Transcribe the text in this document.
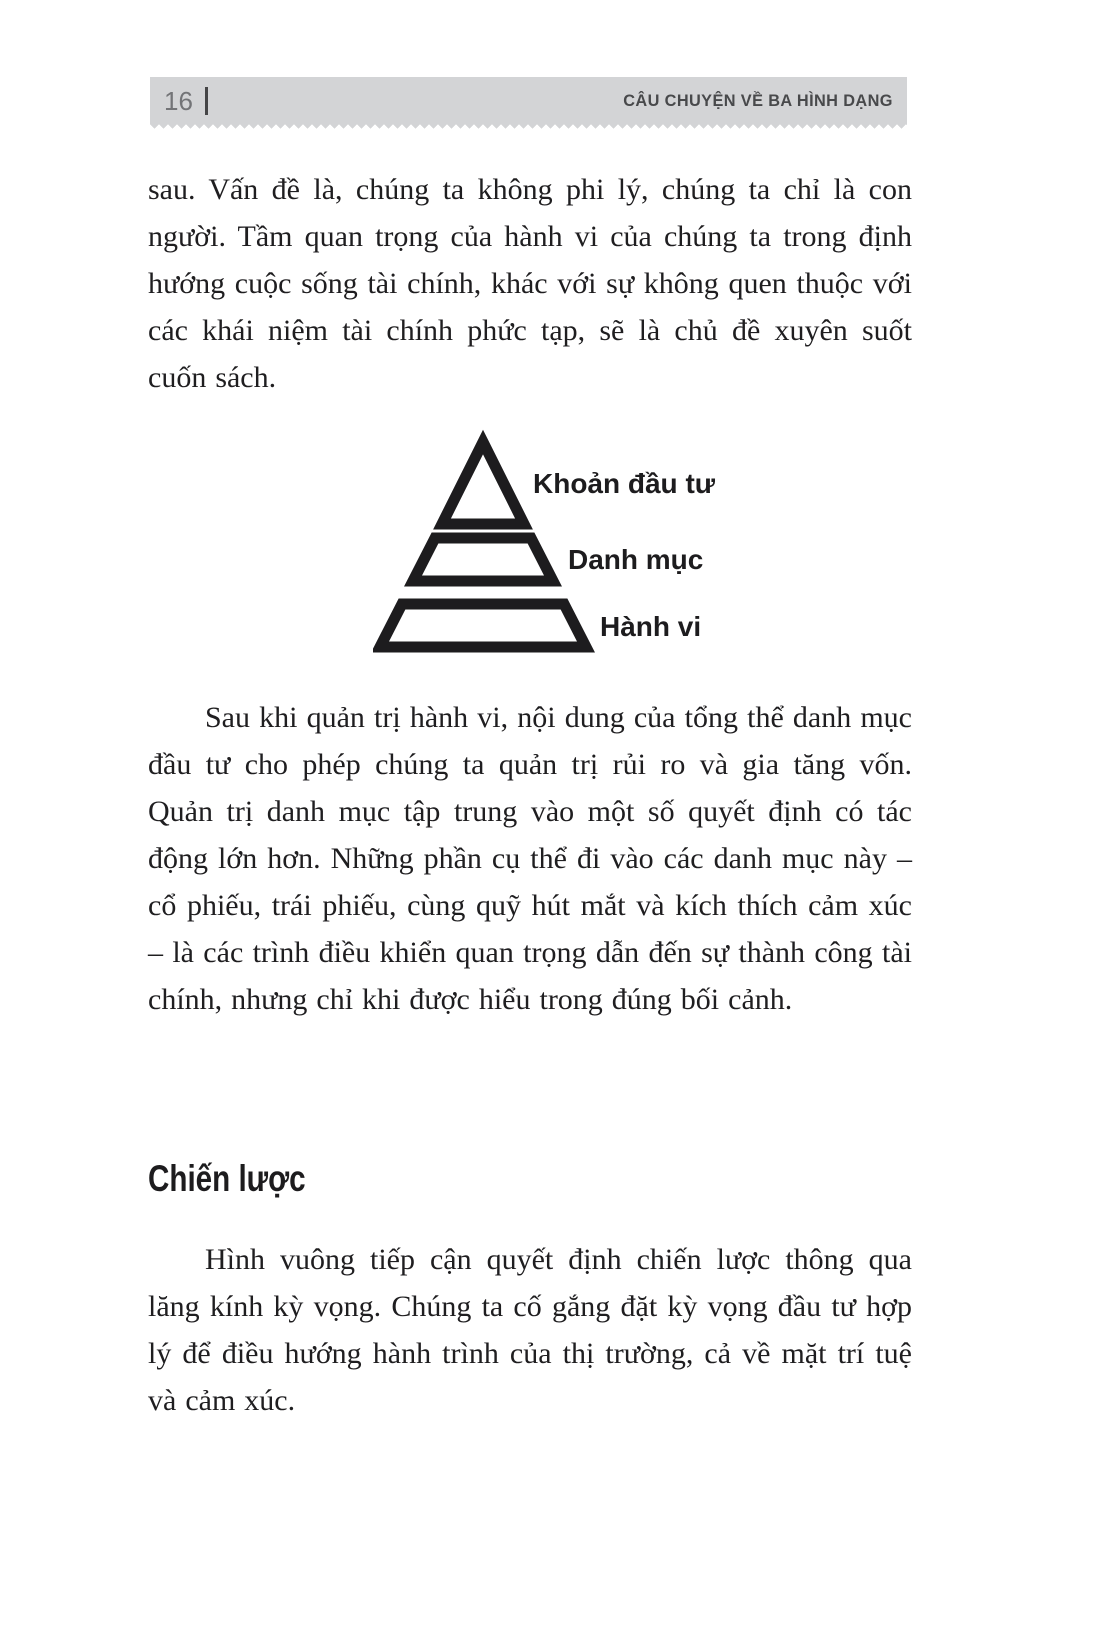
16	CÂU CHUYỆN VỀ BA HÌNH DẠNG

sau. Vấn đề là, chúng ta không phi lý, chúng ta chỉ là con người. Tầm quan trọng của hành vi của chúng ta trong định hướng cuộc sống tài chính, khác với sự không quen thuộc với các khái niệm tài chính phức tạp, sẽ là chủ đề xuyên suốt cuốn sách.

Khoản đầu tư
Danh mục
Hành vi

Sau khi quản trị hành vi, nội dung của tổng thể danh mục đầu tư cho phép chúng ta quản trị rủi ro và gia tăng vốn. Quản trị danh mục tập trung vào một số quyết định có tác động lớn hơn. Những phần cụ thể đi vào các danh mục này – cổ phiếu, trái phiếu, cùng quỹ hút mắt và kích thích cảm xúc – là các trình điều khiển quan trọng dẫn đến sự thành công tài chính, nhưng chỉ khi được hiểu trong đúng bối cảnh.

Chiến lược

Hình vuông tiếp cận quyết định chiến lược thông qua lăng kính kỳ vọng. Chúng ta cố gắng đặt kỳ vọng đầu tư hợp lý để điều hướng hành trình của thị trường, cả về mặt trí tuệ và cảm xúc.
